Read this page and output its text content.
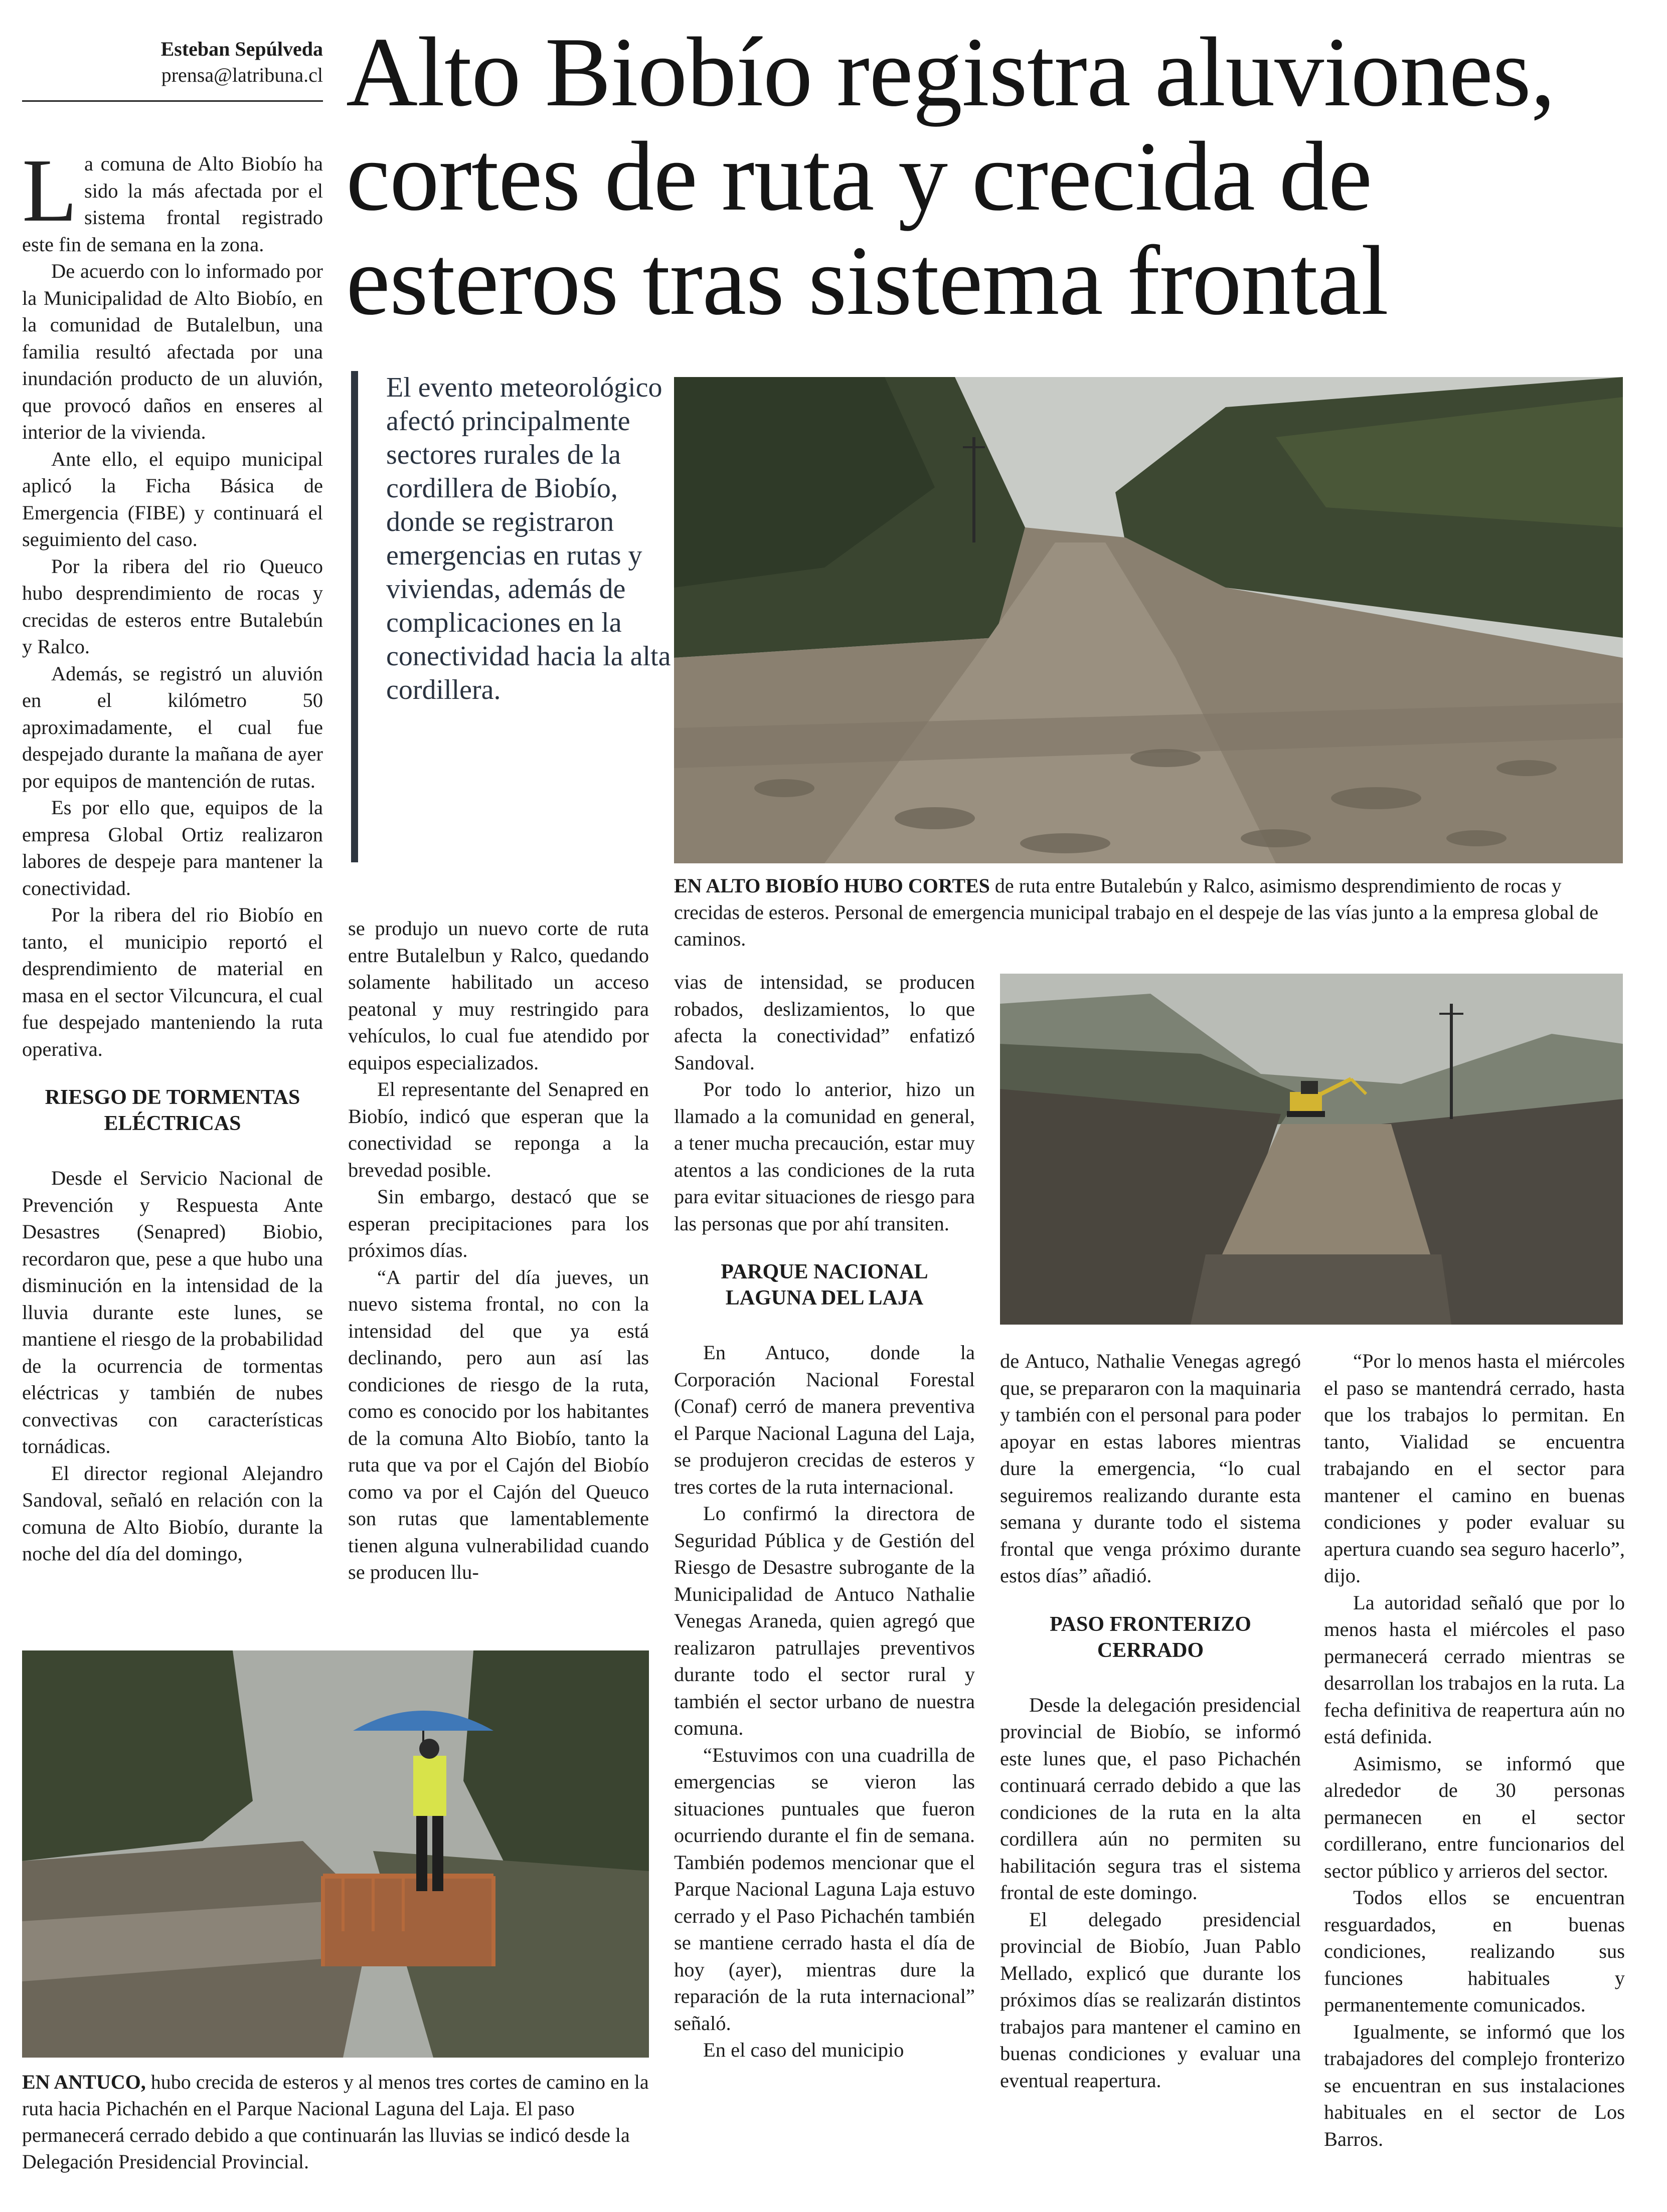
Esteban Sepúlveda
prensa@latribuna.cl Alto Biobío registra aluviones, cortes de ruta y crecida de esteros tras sistema frontal

La comuna de Alto Biobío ha sido la más afectada por el sistema frontal registrado este fin de semana en la zona.

De acuerdo con lo informado por la Municipalidad de Alto Biobío, en la comunidad de Butalelbun, una familia resultó afectada por una inundación producto de un aluvión, que provocó daños en enseres al interior de la vivienda.

Ante ello, el equipo municipal aplicó la Ficha Básica de Emergencia (FIBE) y continuará el seguimiento del caso.

Por la ribera del rio Queuco hubo desprendimiento de rocas y crecidas de esteros entre Butalebún y Ralco.

Además, se registró un aluvión en el kilómetro 50 aproximadamente, el cual fue despejado durante la mañana de ayer por equipos de mantención de rutas.

Es por ello que, equipos de la empresa Global Ortiz realizaron labores de despeje para mantener la conectividad.

Por la ribera del rio Biobío en tanto, el municipio reportó el desprendimiento de material en masa en el sector Vilcuncura, el cual fue despejado manteniendo la ruta operativa.

RIESGO DE TORMENTAS ELÉCTRICAS

Desde el Servicio Nacional de Prevención y Respuesta Ante Desastres (Senapred) Biobio, recordaron que, pese a que hubo una disminución en la intensidad de la lluvia durante este lunes, se mantiene el riesgo de la probabilidad de la ocurrencia de tormentas eléctricas y también de nubes convectivas con características tornádicas.

El director regional Alejandro Sandoval, señaló en relación con la comuna de Alto Biobío, durante la noche del día del domingo,

El evento meteorológico afectó principalmente sectores rurales de la cordillera de Biobío, donde se registraron emergencias en rutas y viviendas, además de complicaciones en la conectividad hacia la alta cordillera.

se produjo un nuevo corte de ruta entre Butalelbun y Ralco, quedando solamente habilitado un acceso peatonal y muy restringido para vehículos, lo cual fue atendido por equipos especializados.

El representante del Senapred en Biobío, indicó que esperan que la conectividad se reponga a la brevedad posible.

Sin embargo, destacó que se esperan precipitaciones para los próximos días.

“A partir del día jueves, un nuevo sistema frontal, no con la intensidad del que ya está declinando, pero aun así las condiciones de riesgo de la ruta, como es conocido por los habitantes de la comuna Alto Biobío, tanto la ruta que va por el Cajón del Biobío como va por el Cajón del Queuco son rutas que lamentablemente tienen alguna vulnerabilidad cuando se producen llu-

EN ALTO BIOBÍO HUBO CORTES de ruta entre Butalebún y Ralco, asimismo desprendimiento de rocas y crecidas de esteros. Personal de emergencia municipal trabajo en el despeje de las vías junto a la empresa global de caminos.

vias de intensidad, se producen robados, deslizamientos, lo que afecta la conectividad” enfatizó Sandoval.

Por todo lo anterior, hizo un llamado a la comunidad en general, a tener mucha precaución, estar muy atentos a las condiciones de la ruta para evitar situaciones de riesgo para las personas que por ahí transiten.

PARQUE NACIONAL LAGUNA DEL LAJA

En Antuco, donde la Corporación Nacional Forestal (Conaf) cerró de manera preventiva el Parque Nacional Laguna del Laja, se produjeron crecidas de esteros y tres cortes de la ruta internacional.

Lo confirmó la directora de Seguridad Pública y de Gestión del Riesgo de Desastre subrogante de la Municipalidad de Antuco Nathalie Venegas Araneda, quien agregó que realizaron patrullajes preventivos durante todo el sector rural y también el sector urbano de nuestra comuna.

“Estuvimos con una cuadrilla de emergencias se vieron las situaciones puntuales que fueron ocurriendo durante el fin de semana. También podemos mencionar que el Parque Nacional Laguna Laja estuvo cerrado y el Paso Pichachén también se mantiene cerrado hasta el día de hoy (ayer), mientras dure la reparación de la ruta internacional” señaló.

En el caso del municipio

de Antuco, Nathalie Venegas agregó que, se prepararon con la maquinaria y también con el personal para poder apoyar en estas labores mientras dure la emergencia, “lo cual seguiremos realizando durante esta semana y durante todo el sistema frontal que venga próximo durante estos días” añadió.

PASO FRONTERIZO CERRADO

Desde la delegación presidencial provincial de Biobío, se informó este lunes que, el paso Pichachén continuará cerrado debido a que las condiciones de la ruta en la alta cordillera aún no permiten su habilitación segura tras el sistema frontal de este domingo.

El delegado presidencial provincial de Biobío, Juan Pablo Mellado, explicó que durante los próximos días se realizarán distintos trabajos para mantener el camino en buenas condiciones y evaluar una eventual reapertura.

“Por lo menos hasta el miércoles el paso se mantendrá cerrado, hasta que los trabajos lo permitan. En tanto, Vialidad se encuentra trabajando en el sector para mantener el camino en buenas condiciones y poder evaluar su apertura cuando sea seguro hacerlo”, dijo.

La autoridad señaló que por lo menos hasta el miércoles el paso permanecerá cerrado mientras se desarrollan los trabajos en la ruta. La fecha definitiva de reapertura aún no está definida.

Asimismo, se informó que alrededor de 30 personas permanecen en el sector cordillerano, entre funcionarios del sector público y arrieros del sector.

Todos ellos se encuentran resguardados, en buenas condiciones, realizando sus funciones habituales y permanentemente comunicados.

Igualmente, se informó que los trabajadores del complejo fronterizo se encuentran en sus instalaciones habituales en el sector de Los Barros.

EN ANTUCO, hubo crecida de esteros y al menos tres cortes de camino en la ruta hacia Pichachén en el Parque Nacional Laguna del Laja. El paso permanecerá cerrado debido a que continuarán las lluvias se indicó desde la Delegación Presidencial Provincial.
